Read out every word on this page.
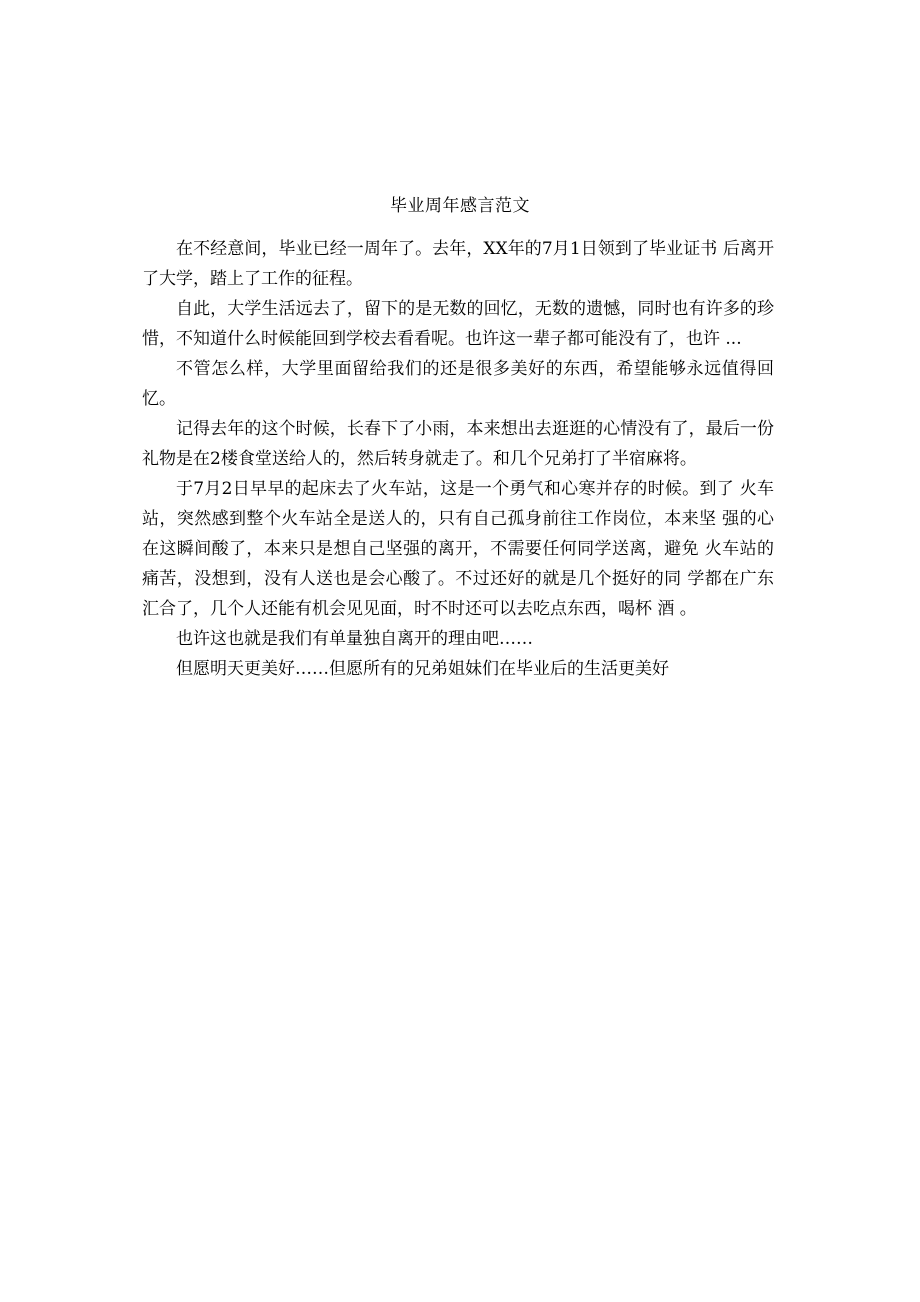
毕业周年感言范文

在不经意间，毕业已经一周年了。去年，XX年的7月1日领到了毕业证书 后离开了大学，踏上了工作的征程。

自此，大学生活远去了，留下的是无数的回忆，无数的遗憾，同时也有许多的珍惜，不知道什么时候能回到学校去看看呢。也许这一辈子都可能没有了，也许 ...

不管怎么样，大学里面留给我们的还是很多美好的东西，希望能够永远值得回忆。

记得去年的这个时候，长春下了小雨，本来想出去逛逛的心情没有了，最后一份礼物是在2楼食堂送给人的，然后转身就走了。和几个兄弟打了半宿麻将。

于7月2日早早的起床去了火车站，这是一个勇气和心寒并存的时候。到了 火车站，突然感到整个火车站全是送人的，只有自己孤身前往工作岗位，本来坚 强的心在这瞬间酸了，本来只是想自己坚强的离开，不需要任何同学送离，避免 火车站的痛苦，没想到，没有人送也是会心酸了。不过还好的就是几个挺好的同 学都在广东汇合了，几个人还能有机会见见面，时不时还可以去吃点东西，喝杯 酒 。

也许这也就是我们有单量独自离开的理由吧……

但愿明天更美好……但愿所有的兄弟姐妹们在毕业后的生活更美好
